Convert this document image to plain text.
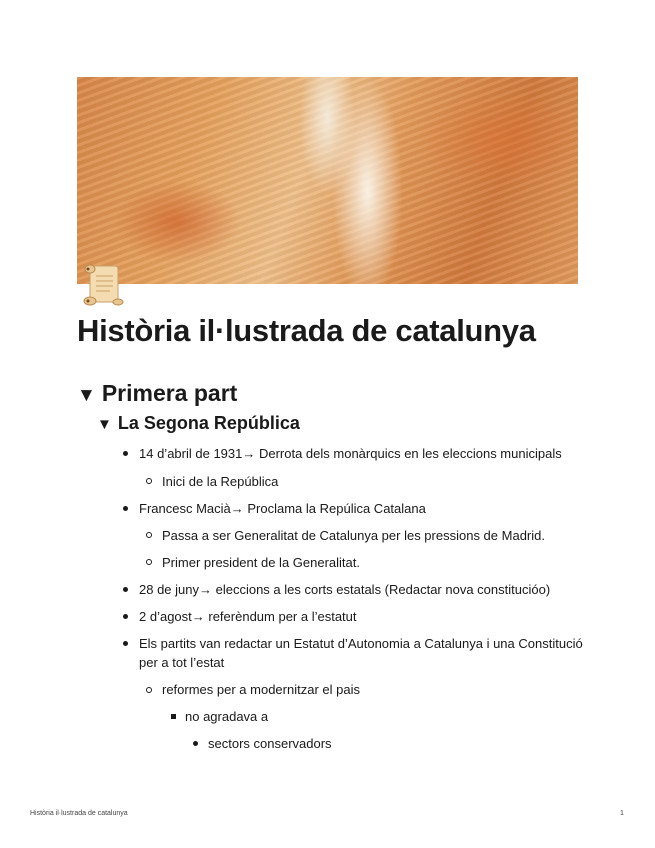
Història il·lustrada de catalunya
▼ Primera part
▼ La Segona República
14 d’abril de 1931→ Derrota dels monàrquics en les eleccions municipals
Inici de la República
Francesc Macià→ Proclama la Repúlica Catalana
Passa a ser Generalitat de Catalunya per les pressions de Madrid.
Primer president de la Generalitat.
28 de juny→ eleccions a les corts estatals (Redactar nova constitucióo)
2 d’agost→ referèndum per a l’estatut
Els partits van redactar un Estatut d’Autonomia a Catalunya i una Constitució
per a tot l’estat
reformes per a modernitzar el pais
no agradava a
sectors conservadors
Història il·lustrada de catalunya	1
